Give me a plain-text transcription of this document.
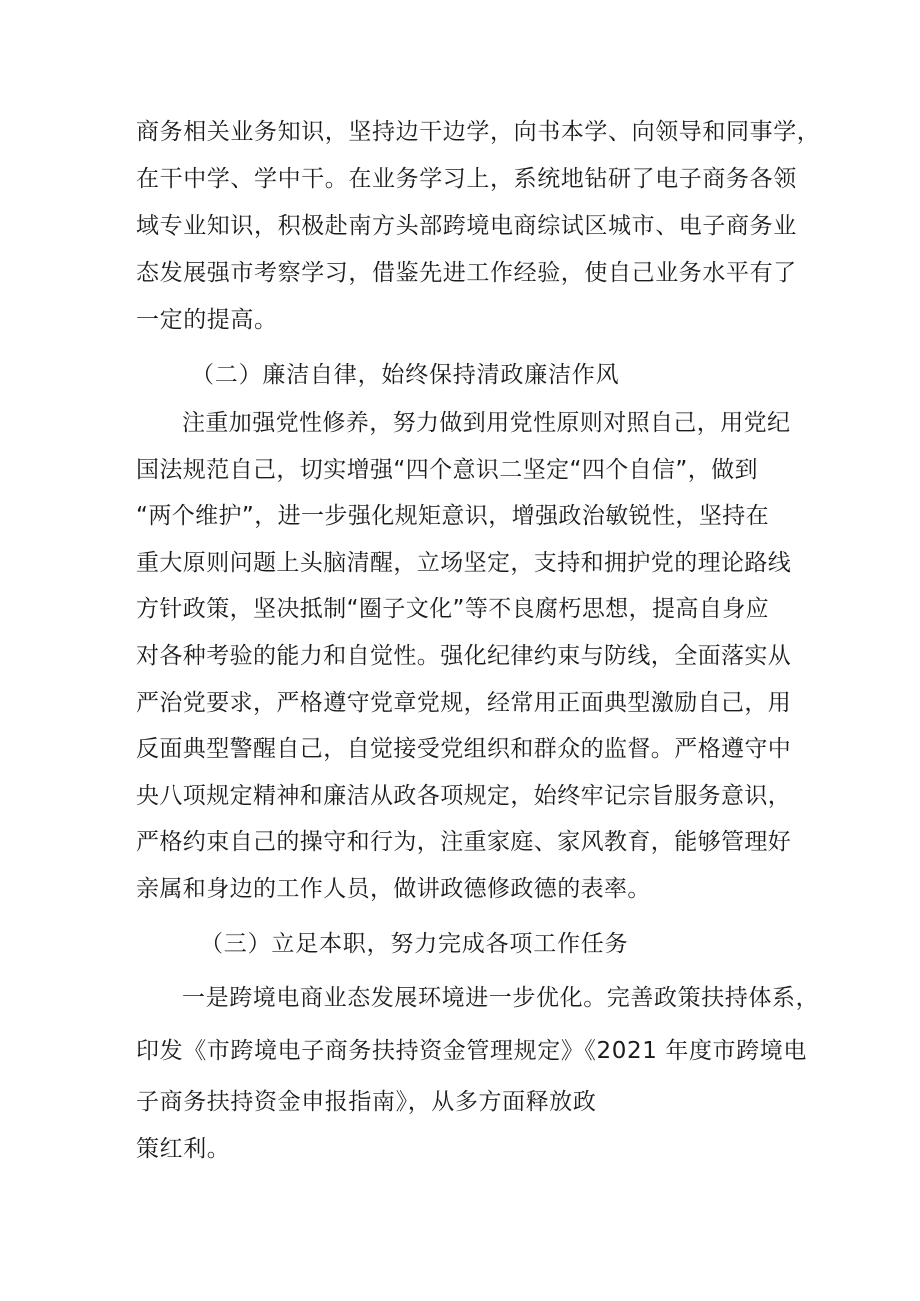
商务相关业务知识，坚持边干边学，向书本学、向领导和同事学，
在干中学、学中干。在业务学习上，系统地钻研了电子商务各领
域专业知识，积极赴南方头部跨境电商综试区城市、电子商务业
态发展强市考察学习，借鉴先进工作经验，使自己业务水平有了
一定的提高。
（二）廉洁自律，始终保持清政廉洁作风
注重加强党性修养，努力做到用党性原则对照自己，用党纪
国法规范自己，切实增强“四个意识二坚定“四个自信”，做到
“两个维护”，进一步强化规矩意识，增强政治敏锐性，坚持在
重大原则问题上头脑清醒，立场坚定，支持和拥护党的理论路线
方针政策，坚决抵制“圈子文化”等不良腐朽思想，提高自身应
对各种考验的能力和自觉性。强化纪律约束与防线，全面落实从
严治党要求，严格遵守党章党规，经常用正面典型激励自己，用
反面典型警醒自己，自觉接受党组织和群众的监督。严格遵守中
央八项规定精神和廉洁从政各项规定，始终牢记宗旨服务意识，
严格约束自己的操守和行为，注重家庭、家风教育，能够管理好
亲属和身边的工作人员，做讲政德修政德的表率。
（三）立足本职，努力完成各项工作任务
一是跨境电商业态发展环境进一步优化。完善政策扶持体系，
印发《市跨境电子商务扶持资金管理规定》《2021 年度市跨境电
子商务扶持资金申报指南》，从多方面释放政
策红利。
